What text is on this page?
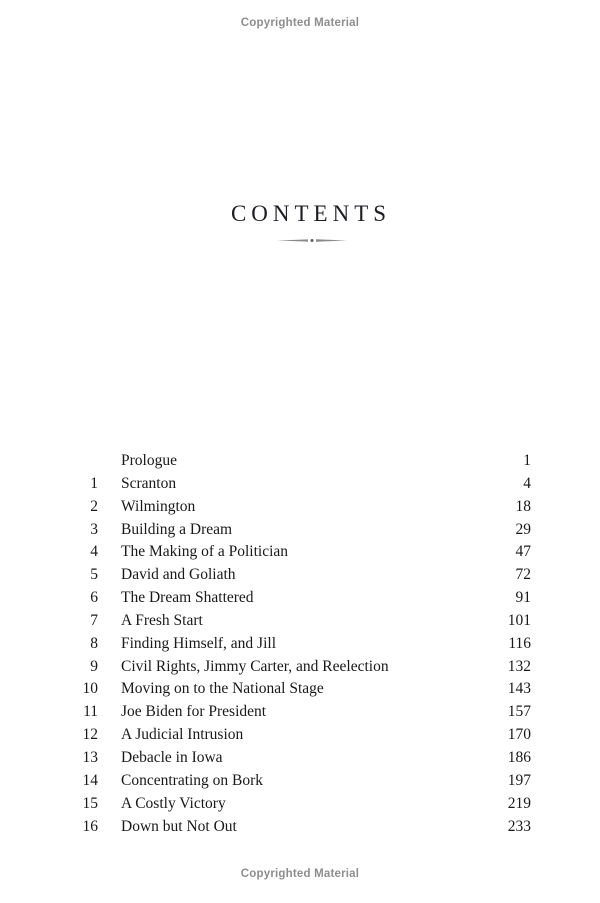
Copyrighted Material
CONTENTS
Prologue	1
1 Scranton	4
2 Wilmington	18
3 Building a Dream	29
4 The Making of a Politician	47
5 David and Goliath	72
6 The Dream Shattered	91
7 A Fresh Start	101
8 Finding Himself, and Jill	116
9 Civil Rights, Jimmy Carter, and Reelection	132
10 Moving on to the National Stage	143
11 Joe Biden for President	157
12 A Judicial Intrusion	170
13 Debacle in Iowa	186
14 Concentrating on Bork	197
15 A Costly Victory	219
16 Down but Not Out	233
Copyrighted Material
